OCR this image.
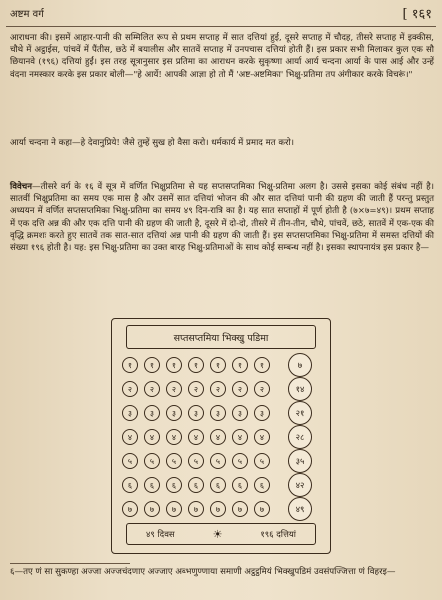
अष्टम वर्ग	[ १६१
आराधना की। इसमें आहार-पानी की सम्मिलित रूप से प्रथम सप्ताह में सात दत्तियां हुई, दूसरे सप्ताह में चौदह, तीसरे सप्ताह में इक्कीस, चौथे में अट्ठाईस, पांचवें में पैंतीस, छठे में बयालीस और सातवें सप्ताह में उनपचास दत्तियां होती हैं। इस प्रकार सभी मिलाकर कुल एक सौ छियानवे (१९६) दत्तियां हुईं। इस तरह सूत्रानुसार इस प्रतिमा का आराधन करके सुकृष्णा आर्या आर्य चन्दना आर्या के पास आई और उन्हें वंदना नमस्कार करके इस प्रकार बोली—"हे आर्ये! आपकी आज्ञा हो तो मैं 'अष्ट-अष्टमिका' भिक्षु-प्रतिमा तप अंगीकार करके विचरूं।"
आर्या चन्दना ने कहा—हे देवानुप्रिये! जैसे तुम्हें सुख हो वैसा करो। धर्मकार्य में प्रमाद मत करो।
विवेचन—तीसरे वर्ग के १६ वें सूत्र में वर्णित भिक्षुप्रतिमा से यह सप्तसप्तमिका भिक्षु-प्रतिमा अलग है। उससे इसका कोई संबंध नहीं है। सातवीं भिक्षुप्रतिमा का समय एक मास है और उसमें सात दत्तियां भोजन की और सात दत्तियां पानी की ग्रहण की जाती हैं परन्तु प्रस्तुत अध्ययन में वर्णित सप्तसप्तमिका भिक्षु-प्रतिमा का समय ४९ दिन-रात्रि का है। यह सात सप्ताहों में पूर्ण होती है (७×७=४९)। प्रथम सप्ताह में एक दत्ति अन्न की और एक दत्ति पानी की ग्रहण की जाती है, दूसरे में दो-दो, तीसरे में तीन-तीन, चौथे, पांचवें, छठे, सातवें में एक-एक की वृद्धि क्रमशः करते हुए सातवें तक सात-सात दत्तियां अन्न पानी की ग्रहण की जाती हैं। इस सप्तसप्तमिका भिक्षु-प्रतिमा में समस्त दत्तियों की संख्या १९६ होती है। यह: इस भिक्षु-प्रतिमा का उक्त बारह भिक्षु-प्रतिमाओं के साथ कोई सम्बन्ध नहीं है। इसका स्थापनायंत्र इस प्रकार है—
सप्तसप्तमिया भिक्खु पडिमा
१	१	१	१	१	१	१	७
२	२	२	२	२	२	२	१४
३	३	३	३	३	३	३	२१
४	४	४	४	४	४	४	२८
५	५	५	५	५	५	५	३५
६	६	६	६	६	६	६	४२
७	७	७	७	७	७	७	४९
४९ दिवस	☀	१९६ दत्तियां
६—तए णं सा सुकण्हा अज्जा अज्जचंदणाए अज्जाए अब्भणुण्णाया समाणी अट्ठट्ठमियं भिक्खुपडिमं उवसंपज्जित्ता णं विहरइ—
